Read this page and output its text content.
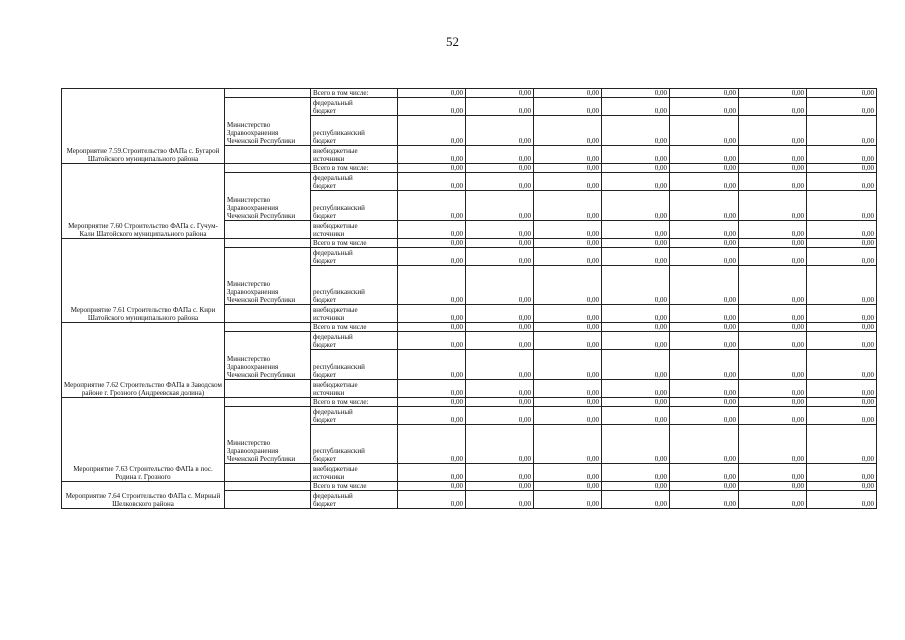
52
Мероприятие 7.59.Строительство ФАПа с. Бугарой Шатойского муниципального района		Всего в том числе:	0,00	0,00	0,00	0,00	0,00	0,00	0,00
	Министерство Здравоохранения Чеченской Республики	федеральный
бюджет	0,00	0,00	0,00	0,00	0,00	0,00	0,00
		республиканский
бюджет	0,00	0,00	0,00	0,00	0,00	0,00	0,00
		внебюджетные
источники	0,00	0,00	0,00	0,00	0,00	0,00	0,00
Мероприятие 7.60 Строительство ФАПа с. Гучум-Кали Шатойского муниципального района		Всего в том числе:	0,00	0,00	0,00	0,00	0,00	0,00	0,00
	Министерство Здравоохранения Чеченской Республики	федеральный
бюджет	0,00	0,00	0,00	0,00	0,00	0,00	0,00
		республиканский
бюджет	0,00	0,00	0,00	0,00	0,00	0,00	0,00
		внебюджетные
источники	0,00	0,00	0,00	0,00	0,00	0,00	0,00
Мероприятие 7.61 Строительство ФАПа с. Кири Шатойского муниципального района		Всего в том числе	0,00	0,00	0,00	0,00	0,00	0,00	0,00
	Министерство Здравоохранения Чеченской Республики	федеральный
бюджет	0,00	0,00	0,00	0,00	0,00	0,00	0,00
		республиканский
бюджет	0,00	0,00	0,00	0,00	0,00	0,00	0,00
		внебюджетные
источники	0,00	0,00	0,00	0,00	0,00	0,00	0,00
Мероприятие 7.62 Строительство ФАПа в Заводском районе г. Грозного (Андреевская долина)		Всего в том числе	0,00	0,00	0,00	0,00	0,00	0,00	0,00
	Министерство Здравоохранения Чеченской Республики	федеральный
бюджет	0,00	0,00	0,00	0,00	0,00	0,00	0,00
		республиканский
бюджет	0,00	0,00	0,00	0,00	0,00	0,00	0,00
		внебюджетные
источники	0,00	0,00	0,00	0,00	0,00	0,00	0,00
Мероприятие 7.63 Строительство ФАПа в пос. Родина г. Грозного		Всего в том числе:	0,00	0,00	0,00	0,00	0,00	0,00	0,00
	Министерство Здравоохранения Чеченской Республики	федеральный
бюджет	0,00	0,00	0,00	0,00	0,00	0,00	0,00
		республиканский
бюджет	0,00	0,00	0,00	0,00	0,00	0,00	0,00
		внебюджетные
источники	0,00	0,00	0,00	0,00	0,00	0,00	0,00
Мероприятие 7.64 Строительство ФАПа с. Мирный Шелковского района		Всего в том числе	0,00	0,00	0,00	0,00	0,00	0,00	0,00
		федеральный
бюджет	0,00	0,00	0,00	0,00	0,00	0,00	0,00
